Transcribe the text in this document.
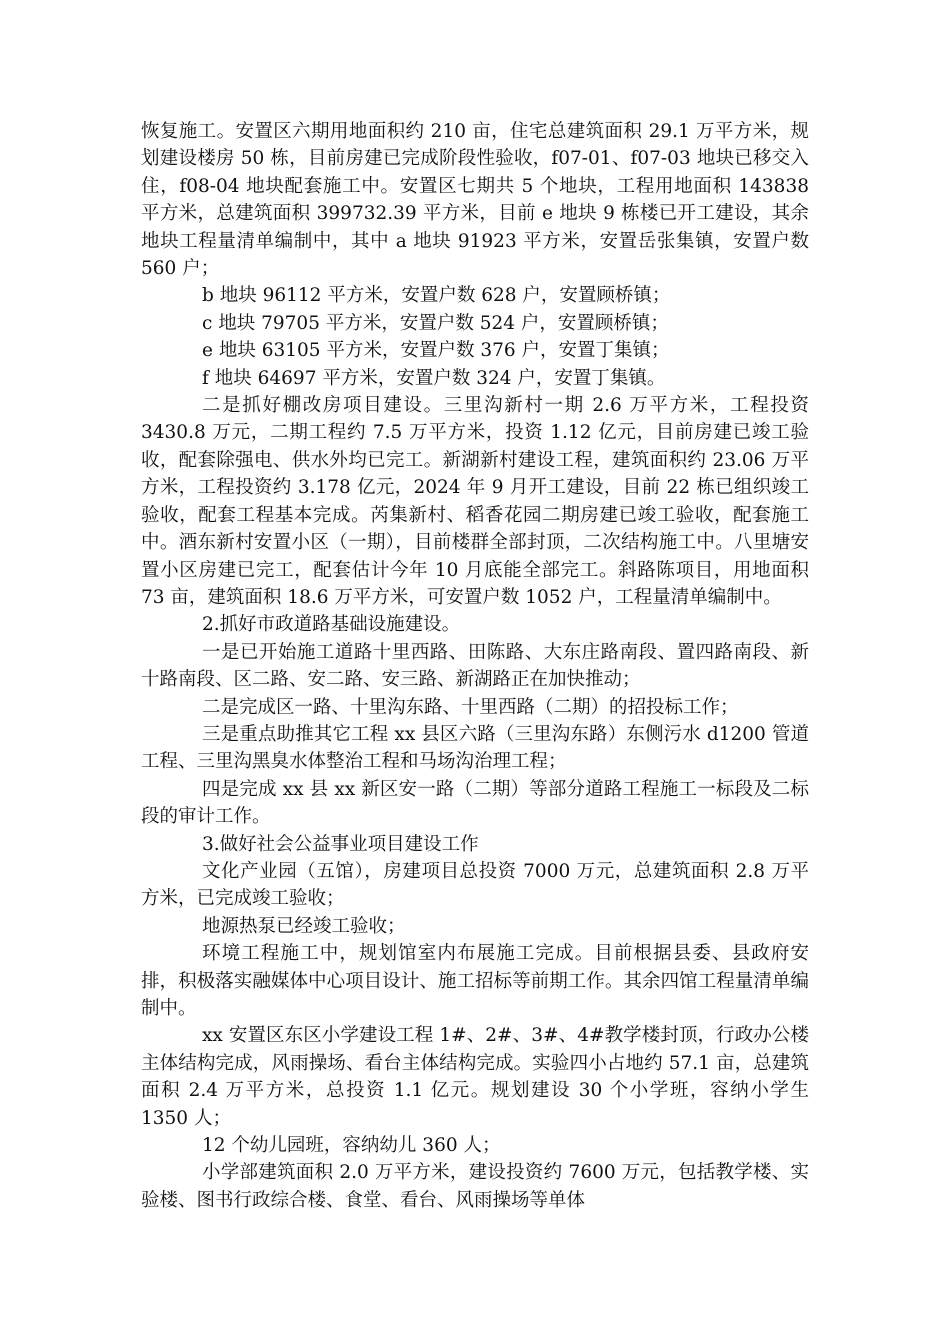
恢复施工。安置区六期用地面积约 210 亩，住宅总建筑面积 29.1 万平方米，规划建设楼房 50 栋，目前房建已完成阶段性验收，f07-01、f07-03 地块已移交入住，f08-04 地块配套施工中。安置区七期共 5 个地块，工程用地面积 143838 平方米，总建筑面积 399732.39 平方米，目前 e 地块 9 栋楼已开工建设，其余地块工程量清单编制中，其中 a 地块 91923 平方米，安置岳张集镇，安置户数 560 户；

b 地块 96112 平方米，安置户数 628 户，安置顾桥镇；

c 地块 79705 平方米，安置户数 524 户，安置顾桥镇；

e 地块 63105 平方米，安置户数 376 户，安置丁集镇；

f 地块 64697 平方米，安置户数 324 户，安置丁集镇。

二是抓好棚改房项目建设。三里沟新村一期 2.6 万平方米，工程投资 3430.8 万元，二期工程约 7.5 万平方米，投资 1.12 亿元，目前房建已竣工验收，配套除强电、供水外均已完工。新湖新村建设工程，建筑面积约 23.06 万平方米，工程投资约 3.178 亿元，2024 年 9 月开工建设，目前 22 栋已组织竣工验收，配套工程基本完成。芮集新村、稻香花园二期房建已竣工验收，配套施工中。酒东新村安置小区（一期），目前楼群全部封顶，二次结构施工中。八里塘安置小区房建已完工，配套估计今年 10 月底能全部完工。斜路陈项目，用地面积 73 亩，建筑面积 18.6 万平方米，可安置户数 1052 户，工程量清单编制中。

2.抓好市政道路基础设施建设。

一是已开始施工道路十里西路、田陈路、大东庄路南段、置四路南段、新十路南段、区二路、安二路、安三路、新湖路正在加快推动；

二是完成区一路、十里沟东路、十里西路（二期）的招投标工作；

三是重点助推其它工程 xx 县区六路（三里沟东路）东侧污水 d1200 管道工程、三里沟黑臭水体整治工程和马场沟治理工程；

四是完成 xx 县 xx 新区安一路（二期）等部分道路工程施工一标段及二标段的审计工作。

3.做好社会公益事业项目建设工作

文化产业园（五馆），房建项目总投资 7000 万元，总建筑面积 2.8 万平方米，已完成竣工验收；

地源热泵已经竣工验收；

环境工程施工中，规划馆室内布展施工完成。目前根据县委、县政府安排，积极落实融媒体中心项目设计、施工招标等前期工作。其余四馆工程量清单编制中。

xx 安置区东区小学建设工程 1#、2#、3#、4#教学楼封顶，行政办公楼主体结构完成，风雨操场、看台主体结构完成。实验四小占地约 57.1 亩，总建筑面积 2.4 万平方米，总投资 1.1 亿元。规划建设 30 个小学班，容纳小学生 1350 人；

12 个幼儿园班，容纳幼儿 360 人；

小学部建筑面积 2.0 万平方米，建设投资约 7600 万元，包括教学楼、实验楼、图书行政综合楼、食堂、看台、风雨操场等单体
